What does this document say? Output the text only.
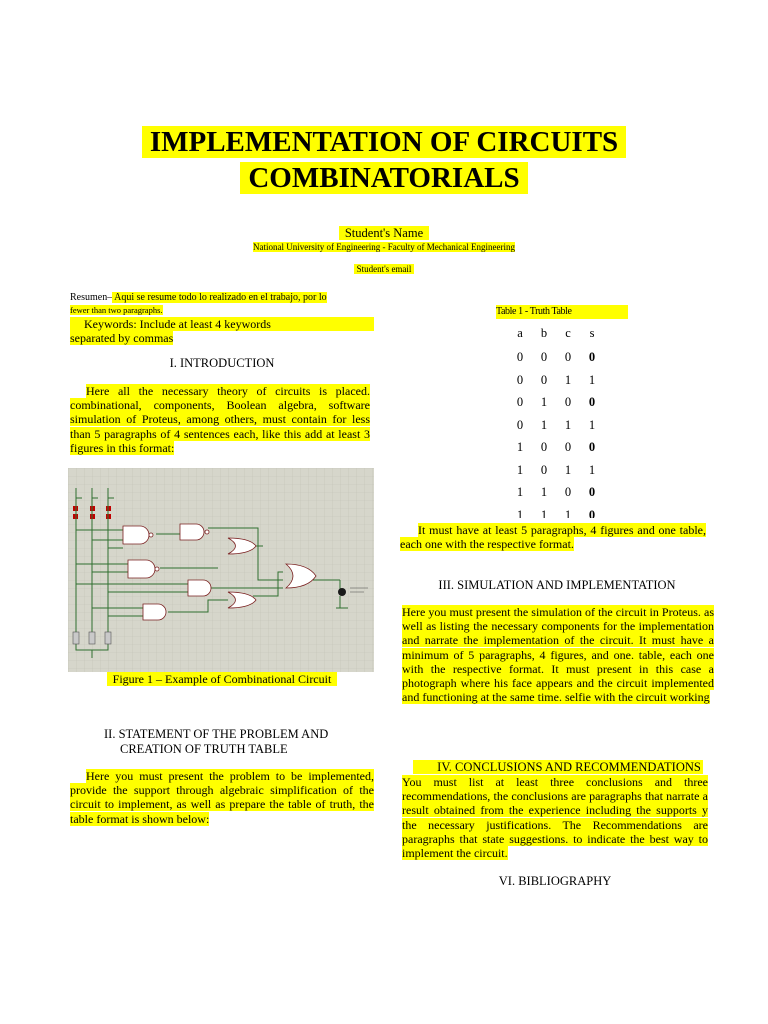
IMPLEMENTATION OF CIRCUITS
COMBINATORIALS
Student's Name
National University of Engineering - Faculty of Mechanical Engineering
Student's email
Resumen– Aqui se resume todo lo realizado en el trabajo, por lo
fewer than two paragraphs.
Keywords: Include at least 4 keywords
separated by commas
I. INTRODUCTION
Here all the necessary theory of circuits is placed. combinational, components, Boolean algebra, software simulation of Proteus, among others, must contain for less than 5 paragraphs of 4 sentences each, like this add at least 3 figures in this format:
Figure 1 – Example of Combinational Circuit
II. STATEMENT OF THE PROBLEM AND
CREATION OF TRUTH TABLE
Here you must present the problem to be implemented, provide the support through algebraic simplification of the circuit to implement, as well as prepare the table of truth, the table format is shown below:
Table 1 - Truth Table
a b c s
0 0 0 0
0 0 1 1
0 1 0 0
0 1 1 1
1 0 0 0
1 0 1 1
1 1 0 0
1 1 1 0
It must have at least 5 paragraphs, 4 figures and one table, each one with the respective format.
III. SIMULATION AND IMPLEMENTATION
Here you must present the simulation of the circuit in Proteus. as well as listing the necessary components for the implementation and narrate the implementation of the circuit. It must have a minimum of 5 paragraphs, 4 figures, and one. table, each one with the respective format. It must present in this case a photograph where his face appears and the circuit implemented and functioning at the same time. selfie with the circuit working
IV. CONCLUSIONS AND RECOMMENDATIONS
You must list at least three conclusions and three recommendations, the conclusions are paragraphs that narrate a result obtained from the experience including the supports y the necessary justifications. The Recommendations are paragraphs that state suggestions. to indicate the best way to implement the circuit.
VI. BIBLIOGRAPHY
